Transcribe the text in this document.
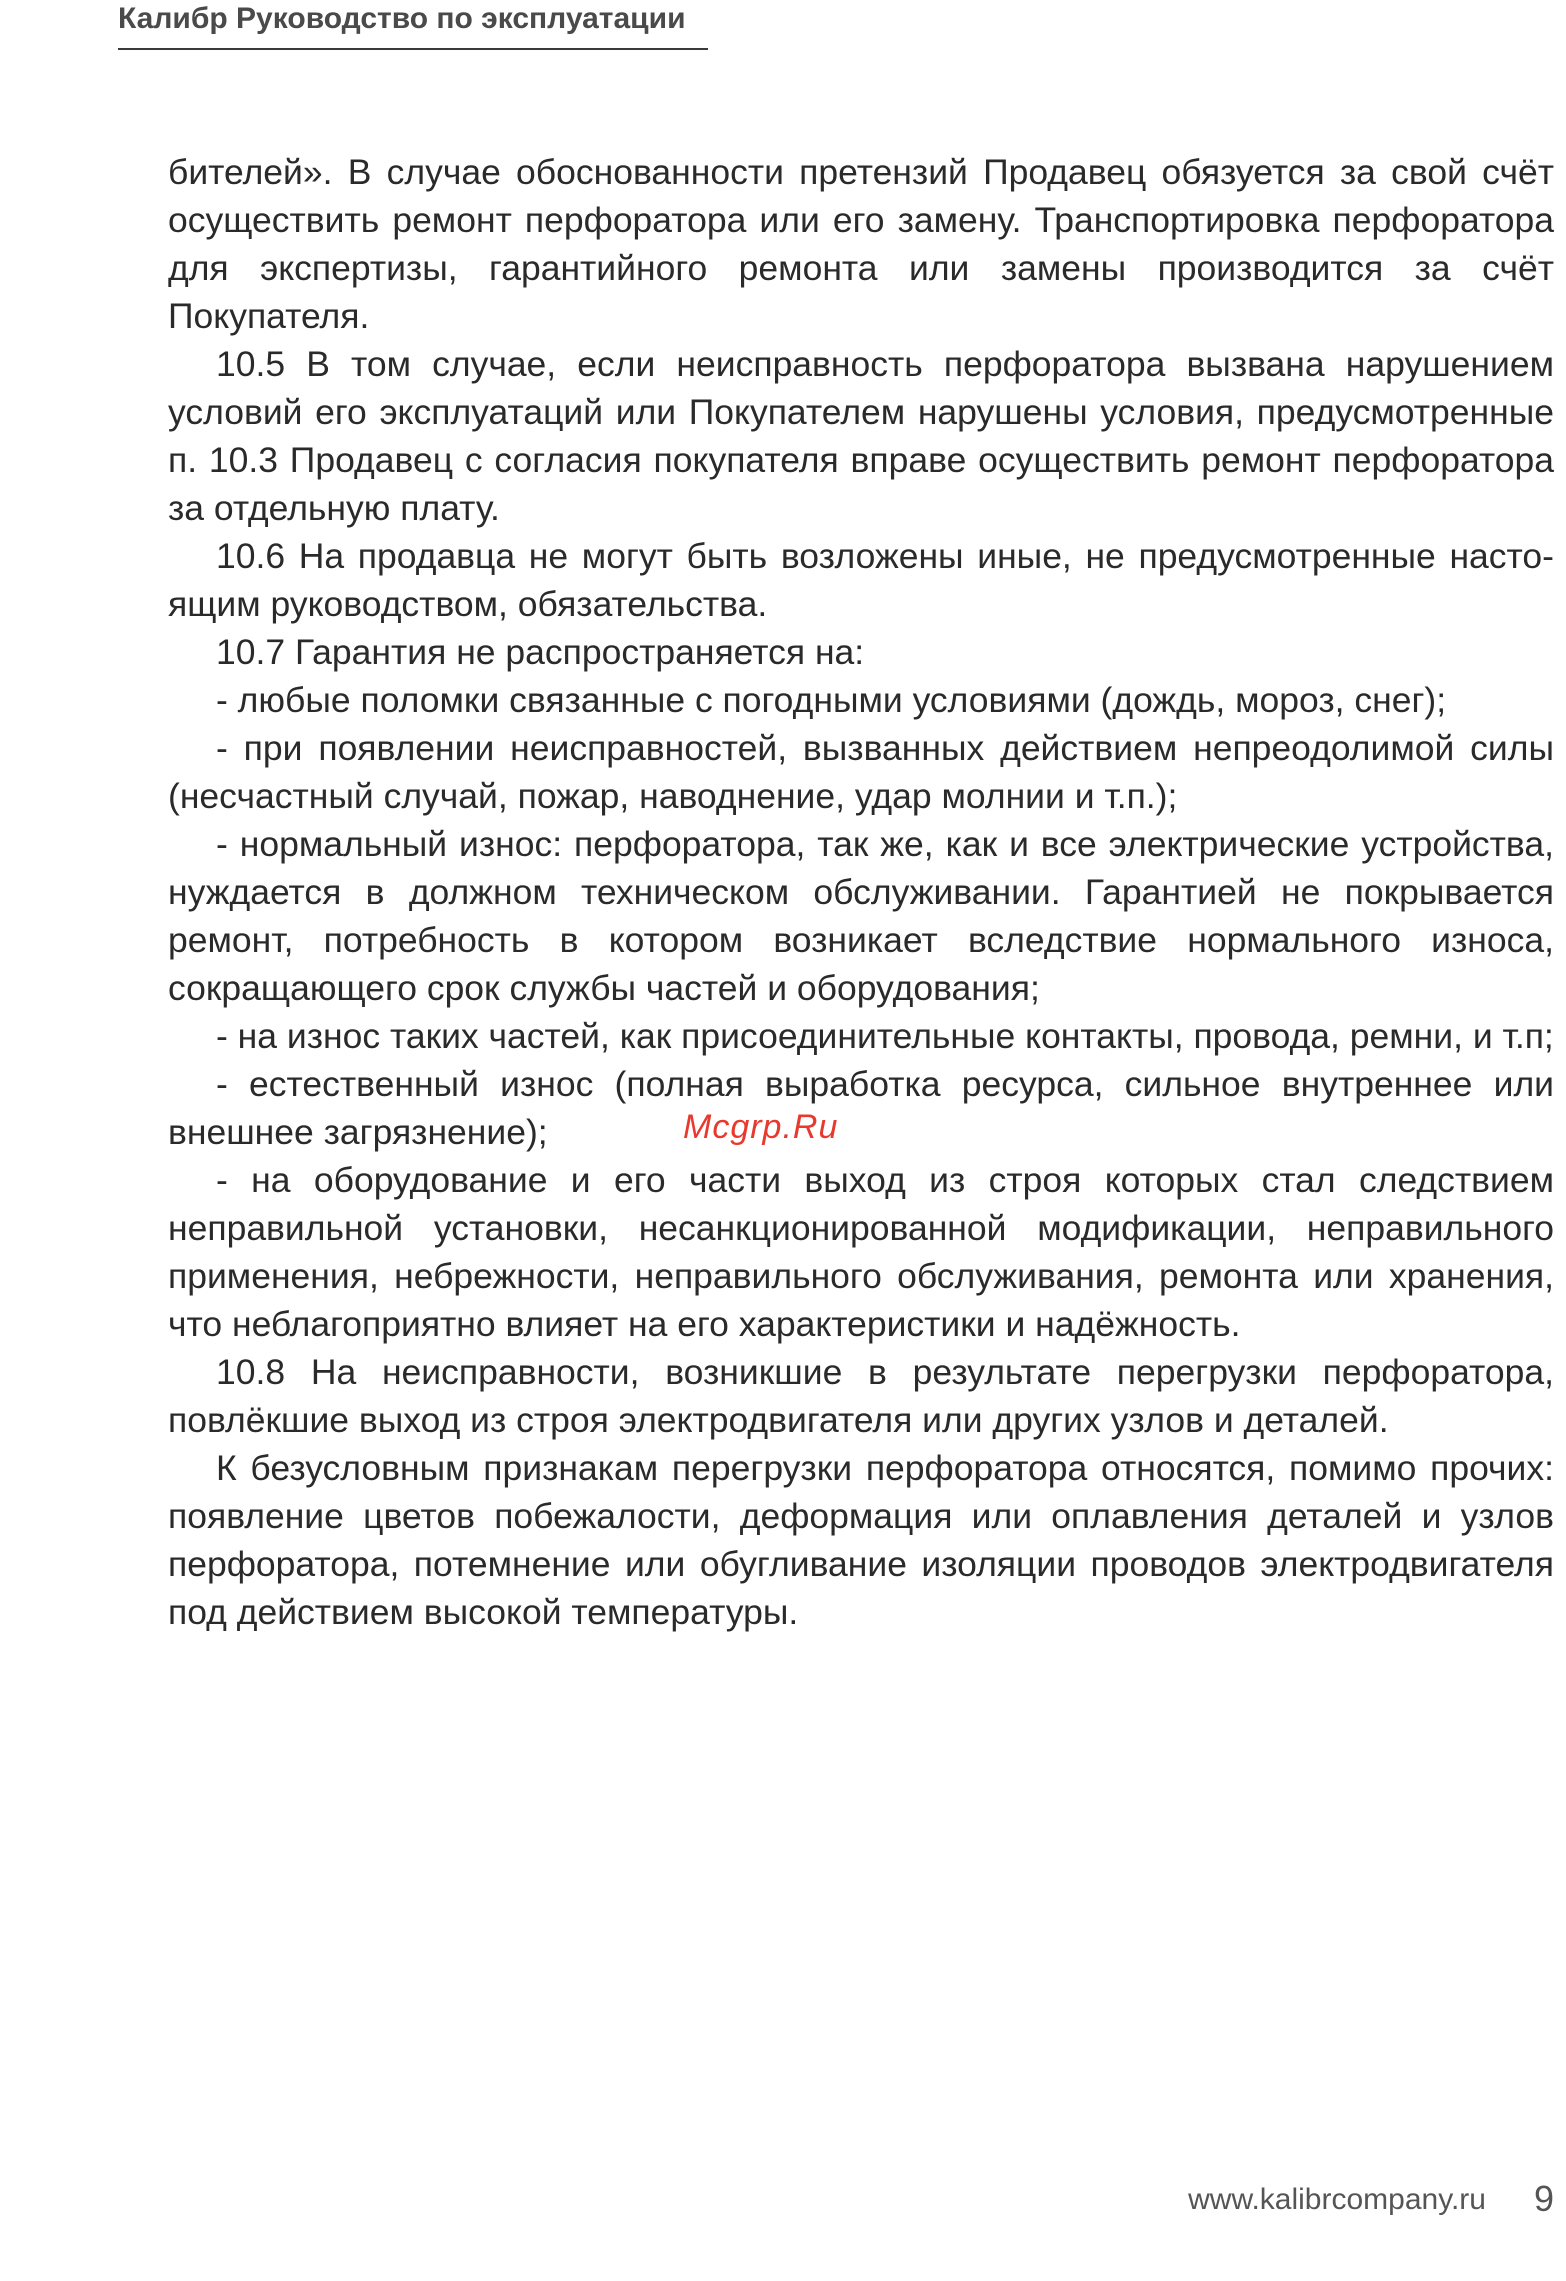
Калибр Руководство по эксплуатации

бителей». В случае обоснованности претензий Продавец обязуется за свой счёт осуществить ремонт перфоратора или его замену. Транспортировка перфоратора для экспертизы, гарантийного ремонта или замены производится за счёт Покупателя.

10.5 В том случае, если неисправность перфоратора вызвана нарушением условий его эксплуатаций или Покупателем нарушены условия, предусмотренные п. 10.3 Продавец с согласия покупателя вправе осуществить ремонт перфоратора за отдельную плату.

10.6 На продавца не могут быть возложены иные, не предусмотренные настоящим руководством, обязательства.

10.7 Гарантия не распространяется на:

- любые поломки связанные с погодными условиями (дождь, мороз, снег);

- при появлении неисправностей, вызванных действием непреодолимой силы (несчастный случай, пожар, наводнение, удар молнии и т.п.);

- нормальный износ: перфоратора, так же, как и все электрические устройства, нуждается в должном техническом обслуживании. Гарантией не покрывается ремонт, потребность в котором возникает вследствие нормального износа, сокращающего срок службы частей и оборудования;

- на износ таких частей, как присоединительные контакты, провода, ремни, и т.п;

- естественный износ (полная выработка ресурса, сильное внутреннее или внешнее загрязнение);

- на оборудование и его части выход из строя которых стал следствием неправильной установки, несанкционированной модификации, неправильного применения, небрежности, неправильного обслуживания, ремонта или хранения, что неблагоприятно влияет на его характеристики и надёжность.

10.8 На неисправности, возникшие в результате перегрузки перфоратора, повлёкшие выход из строя электродвигателя или других узлов и деталей.

К безусловным признакам перегрузки перфоратора относятся, помимо прочих: появление цветов побежалости, деформация или оплавления деталей и узлов перфоратора, потемнение или обугливание изоляции проводов электродвигателя под действием высокой температуры.

Mcgrp.Ru
www.kalibrcompany.ru 9
